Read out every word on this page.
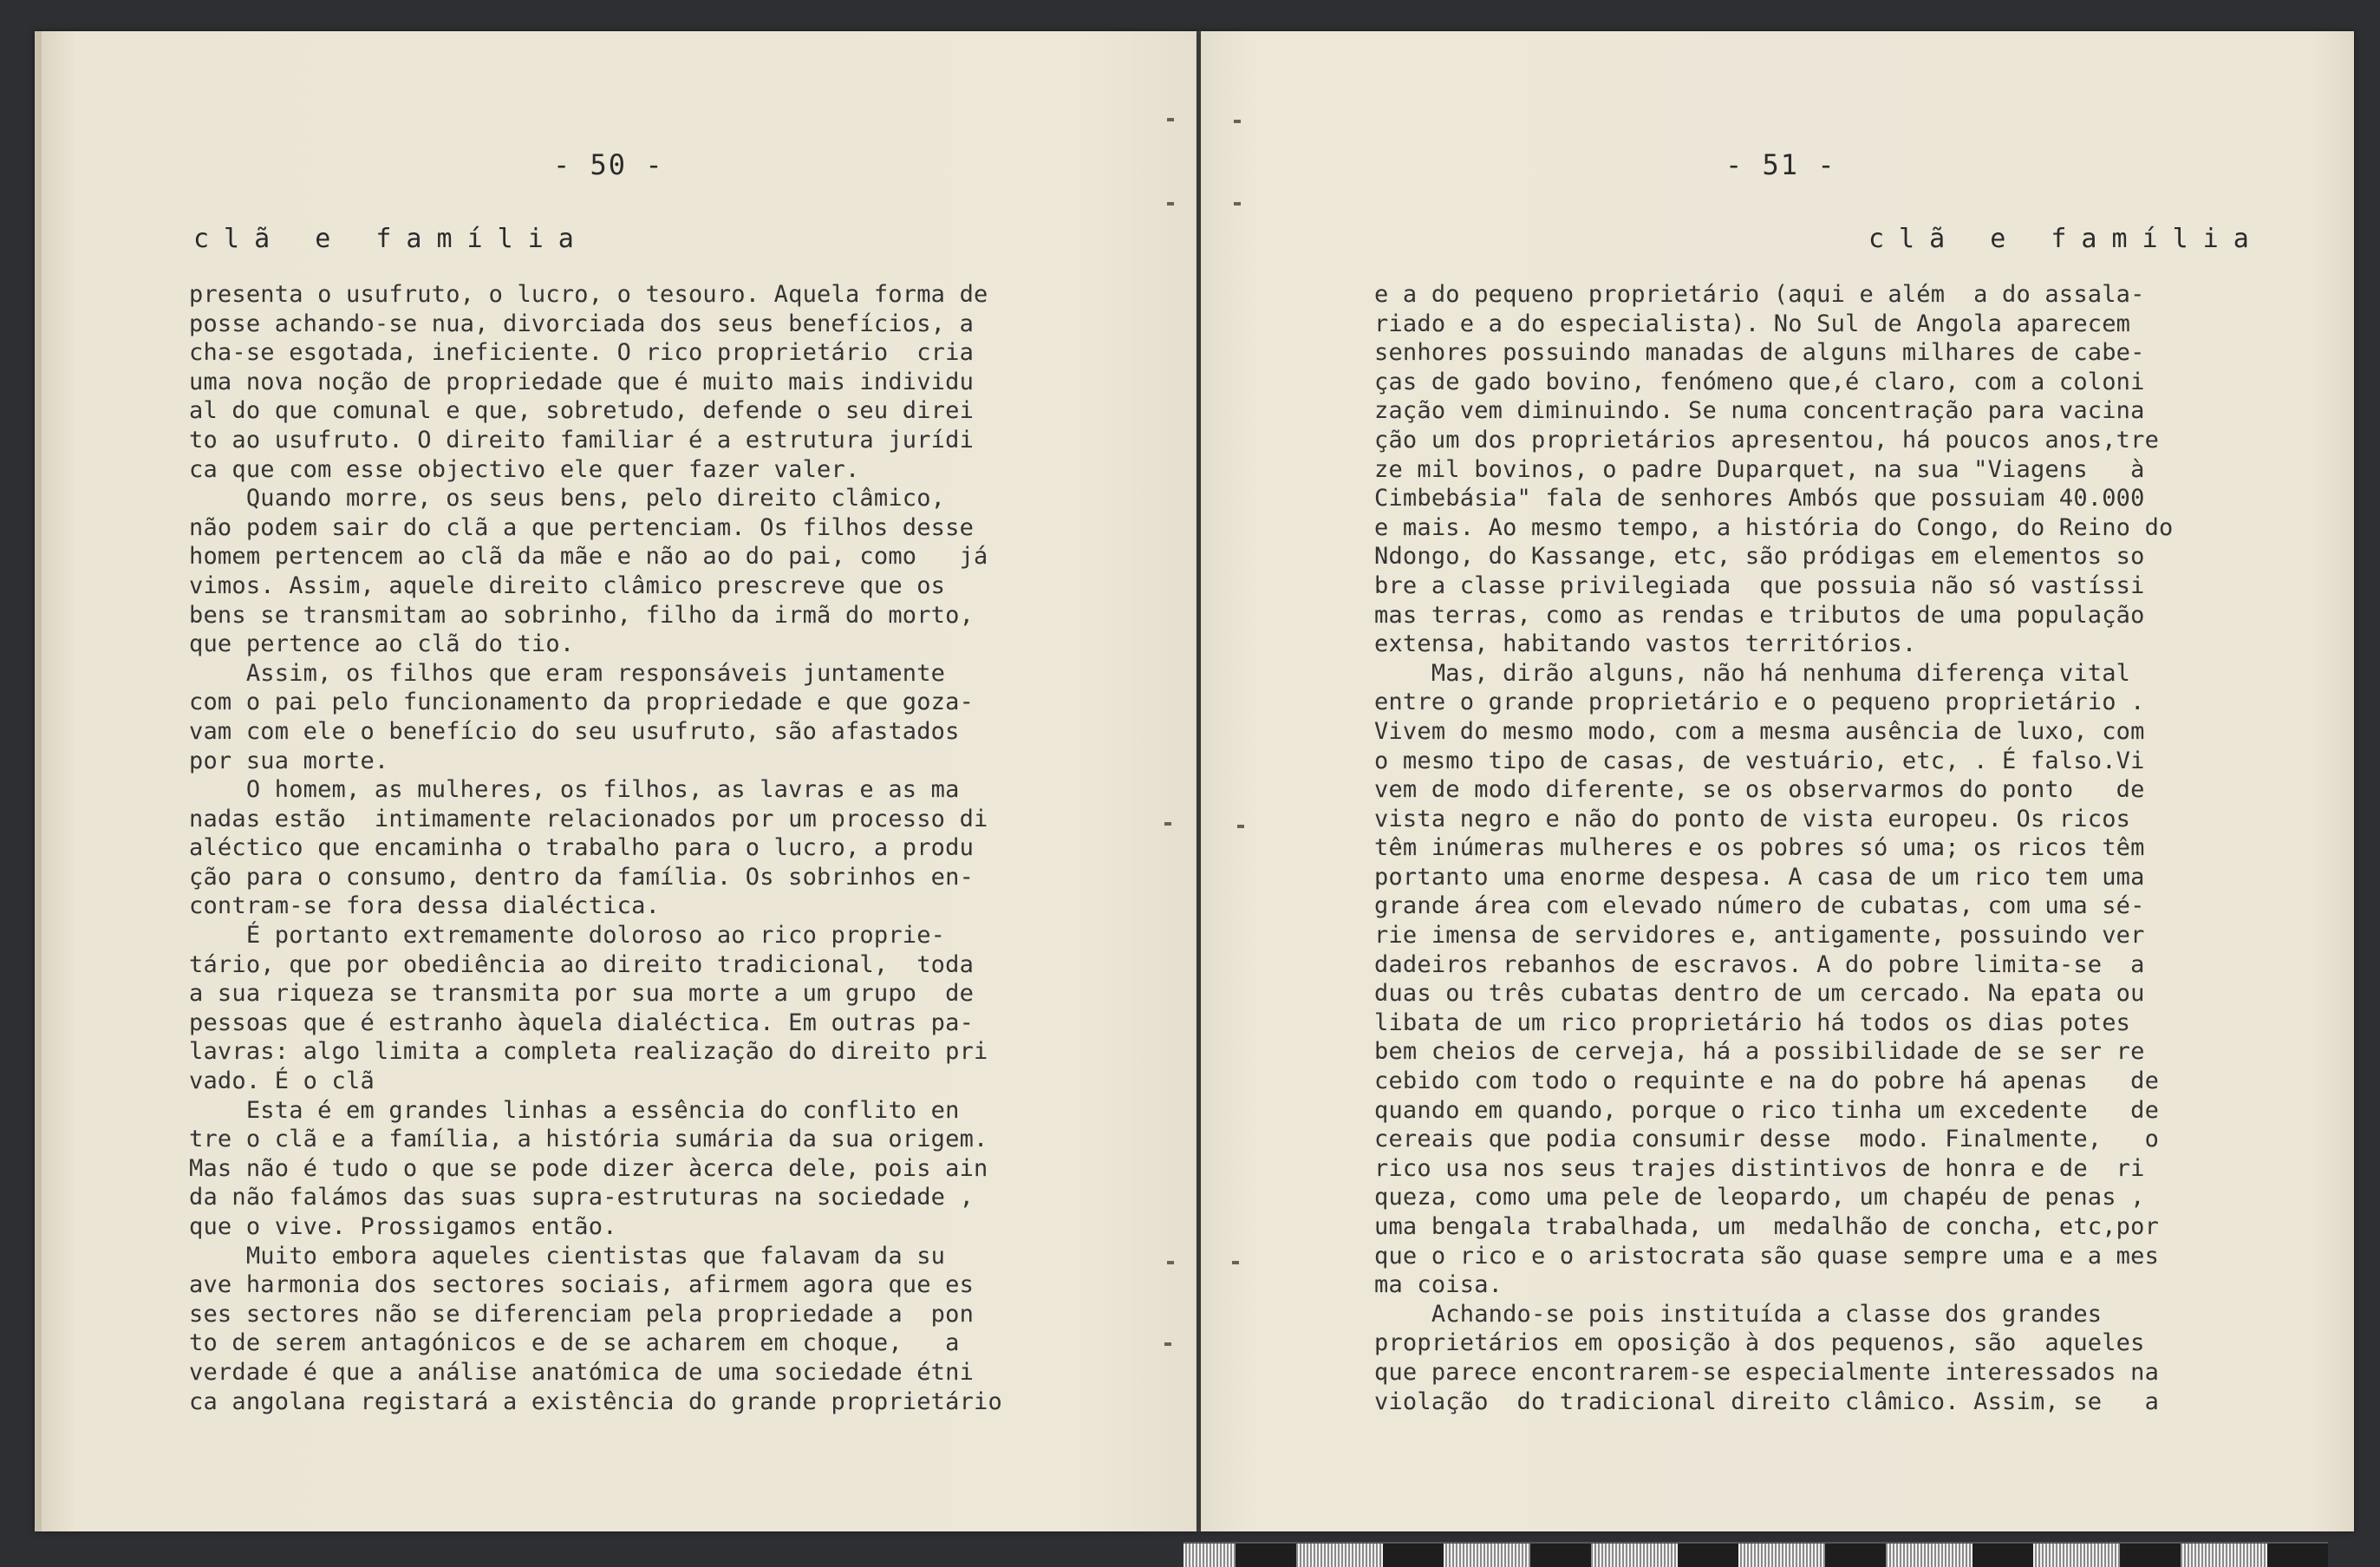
- 50 -
clã e família
presenta o usufruto, o lucro, o tesouro. Aquela forma de
posse achando-se nua, divorciada dos seus benefícios, a
cha-se esgotada, ineficiente. O rico proprietário  cria
uma nova noção de propriedade que é muito mais individu
al do que comunal e que, sobretudo, defende o seu direi
to ao usufruto. O direito familiar é a estrutura jurídi
ca que com esse objectivo ele quer fazer valer.
Quando morre, os seus bens, pelo direito clâmico,
não podem sair do clã a que pertenciam. Os filhos desse
homem pertencem ao clã da mãe e não ao do pai, como   já
vimos. Assim, aquele direito clâmico prescreve que os
bens se transmitam ao sobrinho, filho da irmã do morto,
que pertence ao clã do tio.
Assim, os filhos que eram responsáveis juntamente
com o pai pelo funcionamento da propriedade e que goza-
vam com ele o benefício do seu usufruto, são afastados
por sua morte.
O homem, as mulheres, os filhos, as lavras e as ma
nadas estão  intimamente relacionados por um processo di
aléctico que encaminha o trabalho para o lucro, a produ
ção para o consumo, dentro da família. Os sobrinhos en-
contram-se fora dessa dialéctica.
É portanto extremamente doloroso ao rico proprie-
tário, que por obediência ao direito tradicional,  toda
a sua riqueza se transmita por sua morte a um grupo  de
pessoas que é estranho àquela dialéctica. Em outras pa-
lavras: algo limita a completa realização do direito pri
vado. É o clã
Esta é em grandes linhas a essência do conflito en
tre o clã e a família, a história sumária da sua origem.
Mas não é tudo o que se pode dizer àcerca dele, pois ain
da não falámos das suas supra-estruturas na sociedade ,
que o vive. Prossigamos então.
Muito embora aqueles cientistas que falavam da su
ave harmonia dos sectores sociais, afirmem agora que es
ses sectores não se diferenciam pela propriedade a  pon
to de serem antagónicos e de se acharem em choque,   a
verdade é que a análise anatómica de uma sociedade étni
ca angolana registará a existência do grande proprietário
- 51 -
clã e família
e a do pequeno proprietário (aqui e além  a do assala-
riado e a do especialista). No Sul de Angola aparecem
senhores possuindo manadas de alguns milhares de cabe-
ças de gado bovino, fenómeno que,é claro, com a coloni
zação vem diminuindo. Se numa concentração para vacina
ção um dos proprietários apresentou, há poucos anos,tre
ze mil bovinos, o padre Duparquet, na sua "Viagens   à
Cimbebásia" fala de senhores Ambós que possuiam 40.000
e mais. Ao mesmo tempo, a história do Congo, do Reino do
Ndongo, do Kassange, etc, são pródigas em elementos so
bre a classe privilegiada  que possuia não só vastíssi
mas terras, como as rendas e tributos de uma população
extensa, habitando vastos territórios.
Mas, dirão alguns, não há nenhuma diferença vital
entre o grande proprietário e o pequeno proprietário .
Vivem do mesmo modo, com a mesma ausência de luxo, com
o mesmo tipo de casas, de vestuário, etc, . É falso.Vi
vem de modo diferente, se os observarmos do ponto   de
vista negro e não do ponto de vista europeu. Os ricos
têm inúmeras mulheres e os pobres só uma; os ricos têm
portanto uma enorme despesa. A casa de um rico tem uma
grande área com elevado número de cubatas, com uma sé-
rie imensa de servidores e, antigamente, possuindo ver
dadeiros rebanhos de escravos. A do pobre limita-se  a
duas ou três cubatas dentro de um cercado. Na epata ou
libata de um rico proprietário há todos os dias potes
bem cheios de cerveja, há a possibilidade de se ser re
cebido com todo o requinte e na do pobre há apenas   de
quando em quando, porque o rico tinha um excedente   de
cereais que podia consumir desse  modo. Finalmente,   o
rico usa nos seus trajes distintivos de honra e de  ri
queza, como uma pele de leopardo, um chapéu de penas ,
uma bengala trabalhada, um  medalhão de concha, etc,por
que o rico e o aristocrata são quase sempre uma e a mes
ma coisa.
Achando-se pois instituída a classe dos grandes
proprietários em oposição à dos pequenos, são  aqueles
que parece encontrarem-se especialmente interessados na
violação  do tradicional direito clâmico. Assim, se   a
